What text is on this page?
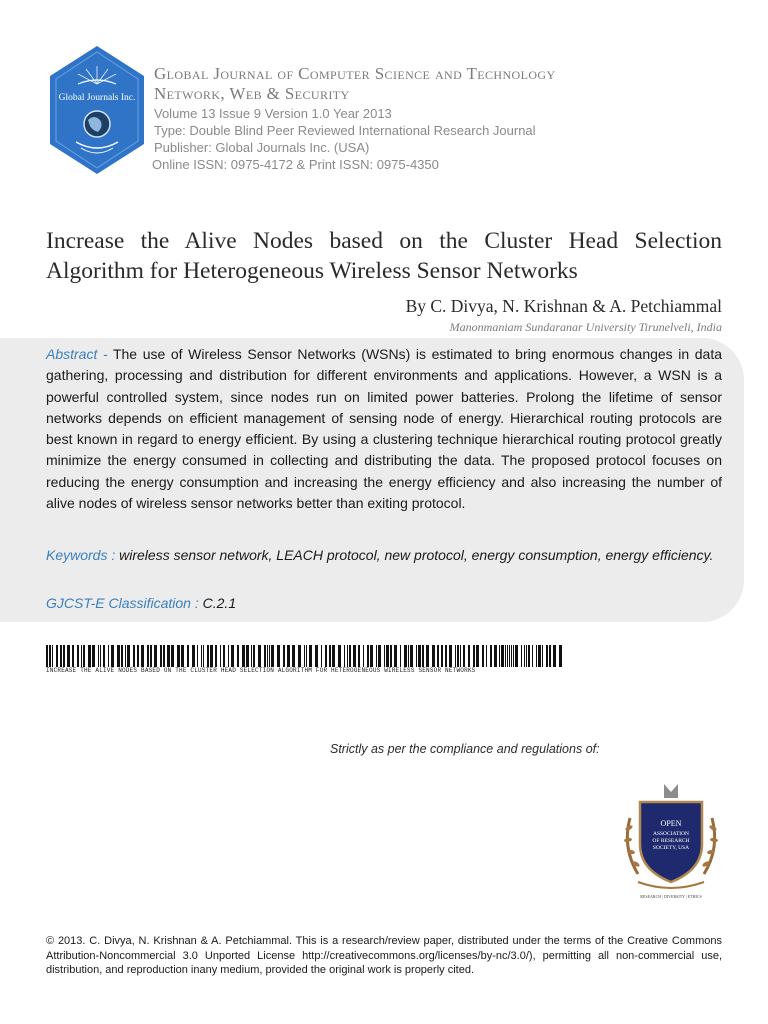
Global Journals Inc.
Global Journal of Computer Science and Technology
Network, Web & Security
Volume 13 Issue 9 Version 1.0 Year 2013
Type: Double Blind Peer Reviewed International Research Journal
Publisher: Global Journals Inc. (USA)
Online ISSN: 0975-4172 & Print ISSN: 0975-4350
Increase the Alive Nodes based on the Cluster Head Selection
Algorithm for Heterogeneous Wireless Sensor Networks
By C. Divya, N. Krishnan & A. Petchiammal
Manonmaniam Sundaranar University Tirunelveli, India
Abstract - The use of Wireless Sensor Networks (WSNs) is estimated to bring enormous changes in data gathering, processing and distribution for different environments and applications. However, a WSN is a powerful controlled system, since nodes run on limited power batteries. Prolong the lifetime of sensor networks depends on efficient management of sensing node of energy. Hierarchical routing protocols are best known in regard to energy efficient. By using a clustering technique hierarchical routing protocol greatly minimize the energy consumed in collecting and distributing the data. The proposed protocol focuses on reducing the energy consumption and increasing the energy efficiency and also increasing the number of alive nodes of wireless sensor networks better than exiting protocol.
Keywords : wireless sensor network, LEACH protocol, new protocol, energy consumption, energy efficiency.
GJCST-E Classification : C.2.1
INCREASE THE ALIVE NODES BASED ON THE CLUSTER HEAD SELECTION ALGORITHM FOR HETEROGENEOUS WIRELESS SENSOR NETWORKS
Strictly as per the compliance and regulations of:
OPEN
ASSOCIATION
OF RESEARCH
SOCIETY, USA
RESEARCH | DIVERSITY | ETHICS
© 2013. C. Divya, N. Krishnan & A. Petchiammal. This is a research/review paper, distributed under the terms of the Creative Commons Attribution-Noncommercial 3.0 Unported License http://creativecommons.org/licenses/by-nc/3.0/), permitting all non-commercial use, distribution, and reproduction inany medium, provided the original work is properly cited.
